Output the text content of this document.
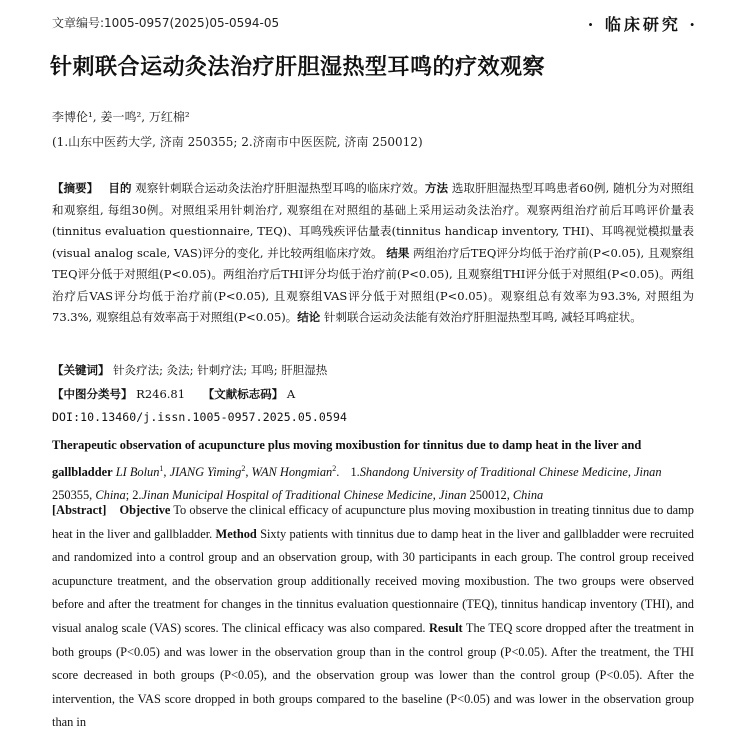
文章编号:1005-0957(2025)05-0594-05	· 临床研究 ·
针刺联合运动灸法治疗肝胆湿热型耳鸣的疗效观察
李博伦¹, 姜一鸣², 万红棉²
(1.山东中医药大学, 济南 250355; 2.济南市中医医院, 济南 250012)
【摘要】 目的 观察针刺联合运动灸法治疗肝胆湿热型耳鸣的临床疗效。方法 选取肝胆湿热型耳鸣患者60例, 随机分为对照组和观察组, 每组30例。对照组采用针刺治疗, 观察组在对照组的基础上采用运动灸法治疗。观察两组治疗前后耳鸣评价量表(tinnitus evaluation questionnaire, TEQ)、耳鸣残疾评估量表(tinnitus handicap inventory, THI)、耳鸣视觉模拟量表(visual analog scale, VAS)评分的变化, 并比较两组临床疗效。 结果 两组治疗后TEQ评分均低于治疗前(P<0.05), 且观察组TEQ评分低于对照组(P<0.05)。两组治疗后THI评分均低于治疗前(P<0.05), 且观察组THI评分低于对照组(P<0.05)。两组治疗后VAS评分均低于治疗前(P<0.05), 且观察组VAS评分低于对照组(P<0.05)。观察组总有效率为93.3%, 对照组为73.3%, 观察组总有效率高于对照组(P<0.05)。结论 针刺联合运动灸法能有效治疗肝胆湿热型耳鸣, 减轻耳鸣症状。
【关键词】 针灸疗法; 灸法; 针刺疗法; 耳鸣; 肝胆湿热
【中图分类号】 R246.81 【文献标志码】 A
DOI:10.13460/j.issn.1005-0957.2025.05.0594
Therapeutic observation of acupuncture plus moving moxibustion for tinnitus due to damp heat in the liver and gallbladder LI Bolun$^1$, JIANG Yiming$^2$, WAN Hongmian$^2$. 1.Shandong University of Traditional Chinese Medicine, Jinan 250355, China; 2.Jinan Municipal Hospital of Traditional Chinese Medicine, Jinan 250012, China
[Abstract] Objective To observe the clinical efficacy of acupuncture plus moving moxibustion in treating tinnitus due to damp heat in the liver and gallbladder. Method Sixty patients with tinnitus due to damp heat in the liver and gallbladder were recruited and randomized into a control group and an observation group, with 30 participants in each group. The control group received acupuncture treatment, and the observation group additionally received moving moxibustion. The two groups were observed before and after the treatment for changes in the tinnitus evaluation questionnaire (TEQ), tinnitus handicap inventory (THI), and visual analog scale (VAS) scores. The clinical efficacy was also compared. Result The TEQ score dropped after the treatment in both groups (P<0.05) and was lower in the observation group than in the control group (P<0.05). After the treatment, the THI score decreased in both groups (P<0.05), and the observation group was lower than the control group (P<0.05). After the intervention, the VAS score dropped in both groups compared to the baseline (P<0.05) and was lower in the observation group than in
